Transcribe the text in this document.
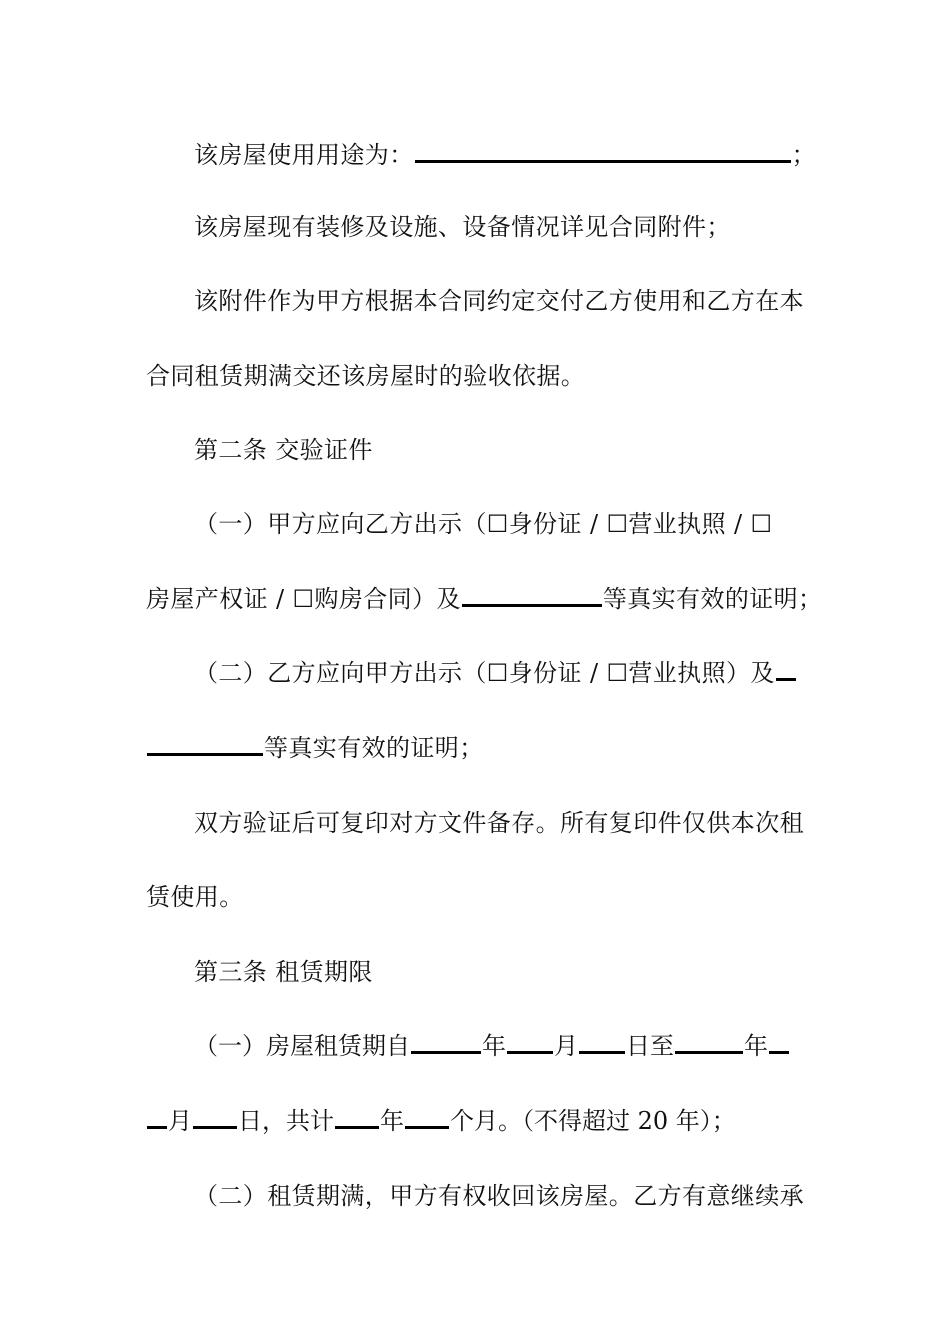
该房屋使用用途为：	；
该房屋现有装修及设施、设备情况详见合同附件；
该附件作为甲方根据本合同约定交付乙方使用和乙方在本
合同租赁期满交还该房屋时的验收依据。
第二条 交验证件
（一）甲方应向乙方出示（☐身份证 / ☐营业执照 / ☐
房屋产权证 / ☐购房合同）及	等真实有效的证明；
（二）乙方应向甲方出示（☐身份证 / ☐营业执照）及
等真实有效的证明；
双方验证后可复印对方文件备存。所有复印件仅供本次租
赁使用。
第三条 租赁期限
（一）房屋租赁期自	年 月 日至	年
月 日，共计 年 个月。（不得超过 20 年）；
（二）租赁期满，甲方有权收回该房屋。乙方有意继续承
